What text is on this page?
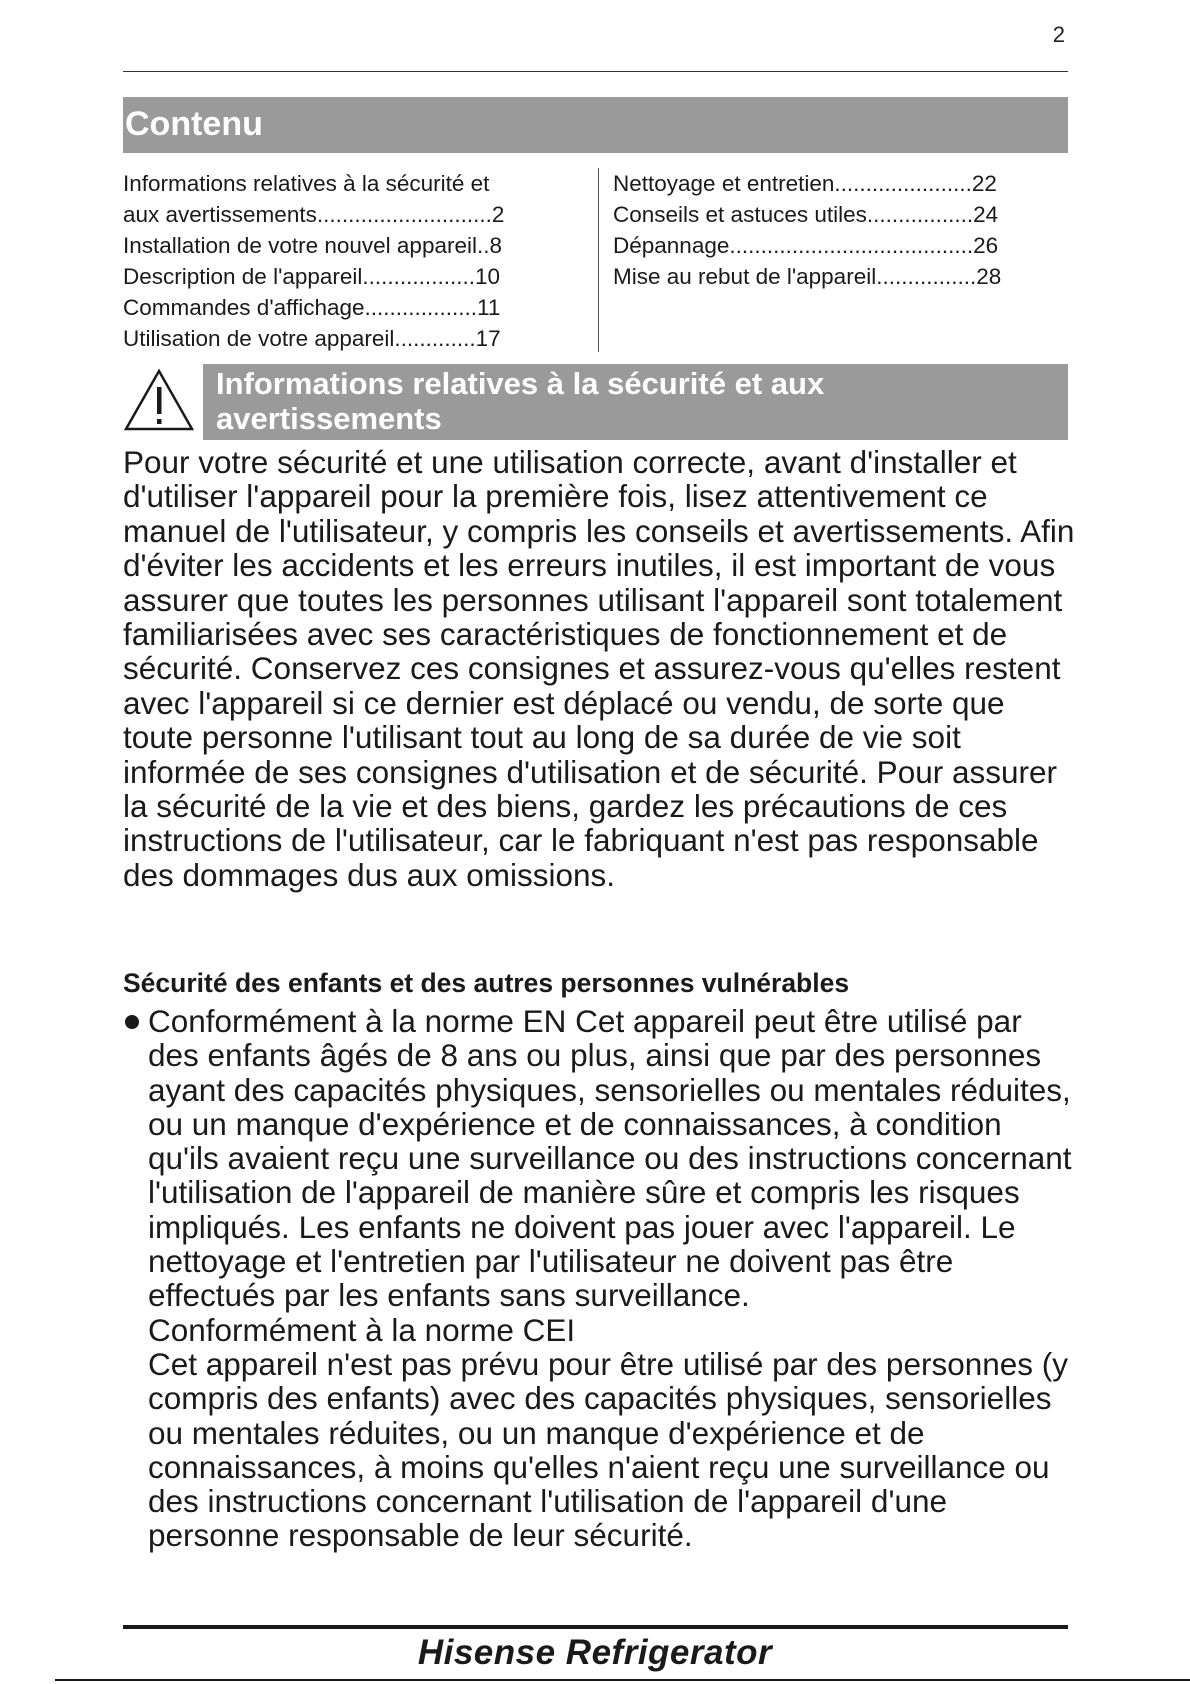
2
Contenu
Informations relatives à la sécurité et
aux avertissements............................2
Installation de votre nouvel appareil..8
Description de l'appareil..................10
Commandes d'affichage..................11
Utilisation de votre appareil.............17
Nettoyage et entretien......................22
Conseils et astuces utiles.................24
Dépannage.......................................26
Mise au rebut de l'appareil................28
Informations relatives à la sécurité et aux avertissements

Pour votre sécurité et une utilisation correcte, avant d'installer et d'utiliser l'appareil pour la première fois, lisez attentivement ce manuel de l'utilisateur, y compris les conseils et avertissements. Afin d'éviter les accidents et les erreurs inutiles, il est important de vous assurer que toutes les personnes utilisant l'appareil sont totalement familiarisées avec ses caractéristiques de fonctionnement et de sécurité. Conservez ces consignes et assurez-vous qu'elles restent avec l'appareil si ce dernier est déplacé ou vendu, de sorte que toute personne l'utilisant tout au long de sa durée de vie soit informée de ses consignes d'utilisation et de sécurité. Pour assurer la sécurité de la vie et des biens, gardez les précautions de ces instructions de l'utilisateur, car le fabriquant n'est pas responsable des dommages dus aux omissions.

Sécurité des enfants et des autres personnes vulnérables

Conformément à la norme EN Cet appareil peut être utilisé par des enfants âgés de 8 ans ou plus, ainsi que par des personnes ayant des capacités physiques, sensorielles ou mentales réduites, ou un manque d'expérience et de connaissances, à condition qu'ils avaient reçu une surveillance ou des instructions concernant l'utilisation de l'appareil de manière sûre et compris les risques impliqués. Les enfants ne doivent pas jouer avec l'appareil. Le nettoyage et l'entretien par l'utilisateur ne doivent pas être effectués par les enfants sans surveillance.

Conformément à la norme CEI

Cet appareil n'est pas prévu pour être utilisé par des personnes (y compris des enfants) avec des capacités physiques, sensorielles ou mentales réduites, ou un manque d'expérience et de connaissances, à moins qu'elles n'aient reçu une surveillance ou des instructions concernant l'utilisation de l'appareil d'une personne responsable de leur sécurité.

Hisense Refrigerator
